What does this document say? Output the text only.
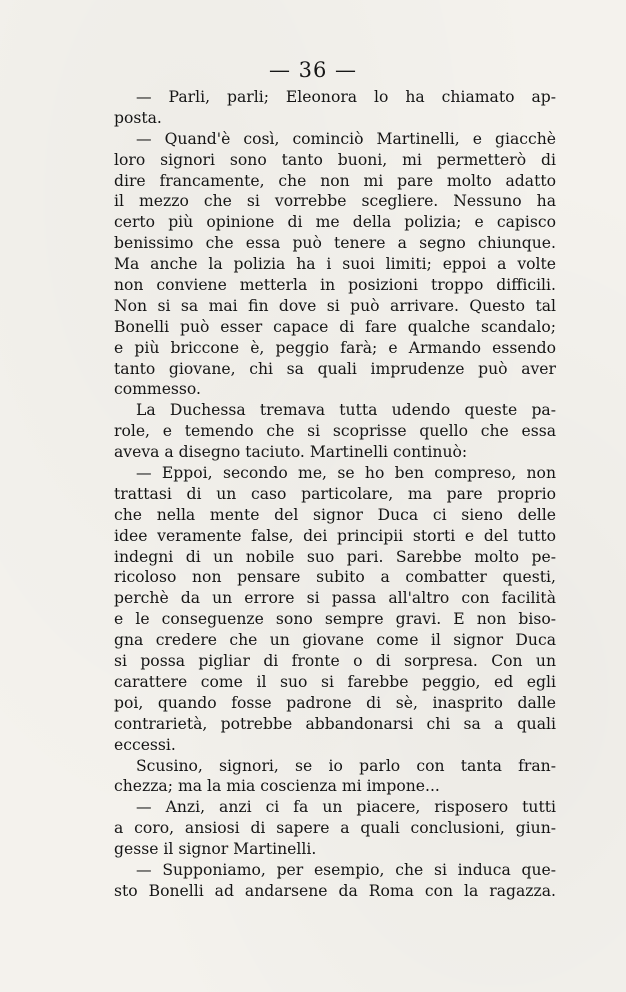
— 36 —
— Parli, parli; Eleonora lo ha chiamato ap-
posta.
— Quand'è così, cominciò Martinelli, e giacchè
loro signori sono tanto buoni, mi permetterò di
dire francamente, che non mi pare molto adatto
il mezzo che si vorrebbe scegliere. Nessuno ha
certo più opinione di me della polizia; e capisco
benissimo che essa può tenere a segno chiunque.
Ma anche la polizia ha i suoi limiti; eppoi a volte
non conviene metterla in posizioni troppo difficili.
Non si sa mai fin dove si può arrivare. Questo tal
Bonelli può esser capace di fare qualche scandalo;
e più briccone è, peggio farà; e Armando essendo
tanto giovane, chi sa quali imprudenze può aver
commesso.
La Duchessa tremava tutta udendo queste pa-
role, e temendo che si scoprisse quello che essa
aveva a disegno taciuto. Martinelli continuò:
— Eppoi, secondo me, se ho ben compreso, non
trattasi di un caso particolare, ma pare proprio
che nella mente del signor Duca ci sieno delle
idee veramente false, dei principii storti e del tutto
indegni di un nobile suo pari. Sarebbe molto pe-
ricoloso non pensare subito a combatter questi,
perchè da un errore si passa all'altro con facilità
e le conseguenze sono sempre gravi. E non biso-
gna credere che un giovane come il signor Duca
si possa pigliar di fronte o di sorpresa. Con un
carattere come il suo si farebbe peggio, ed egli
poi, quando fosse padrone di sè, inasprito dalle
contrarietà, potrebbe abbandonarsi chi sa a quali
eccessi.
Scusino, signori, se io parlo con tanta fran-
chezza; ma la mia coscienza mi impone...
— Anzi, anzi ci fa un piacere, risposero tutti
a coro, ansiosi di sapere a quali conclusioni, giun-
gesse il signor Martinelli.
— Supponiamo, per esempio, che si induca que-
sto Bonelli ad andarsene da Roma con la ragazza.
